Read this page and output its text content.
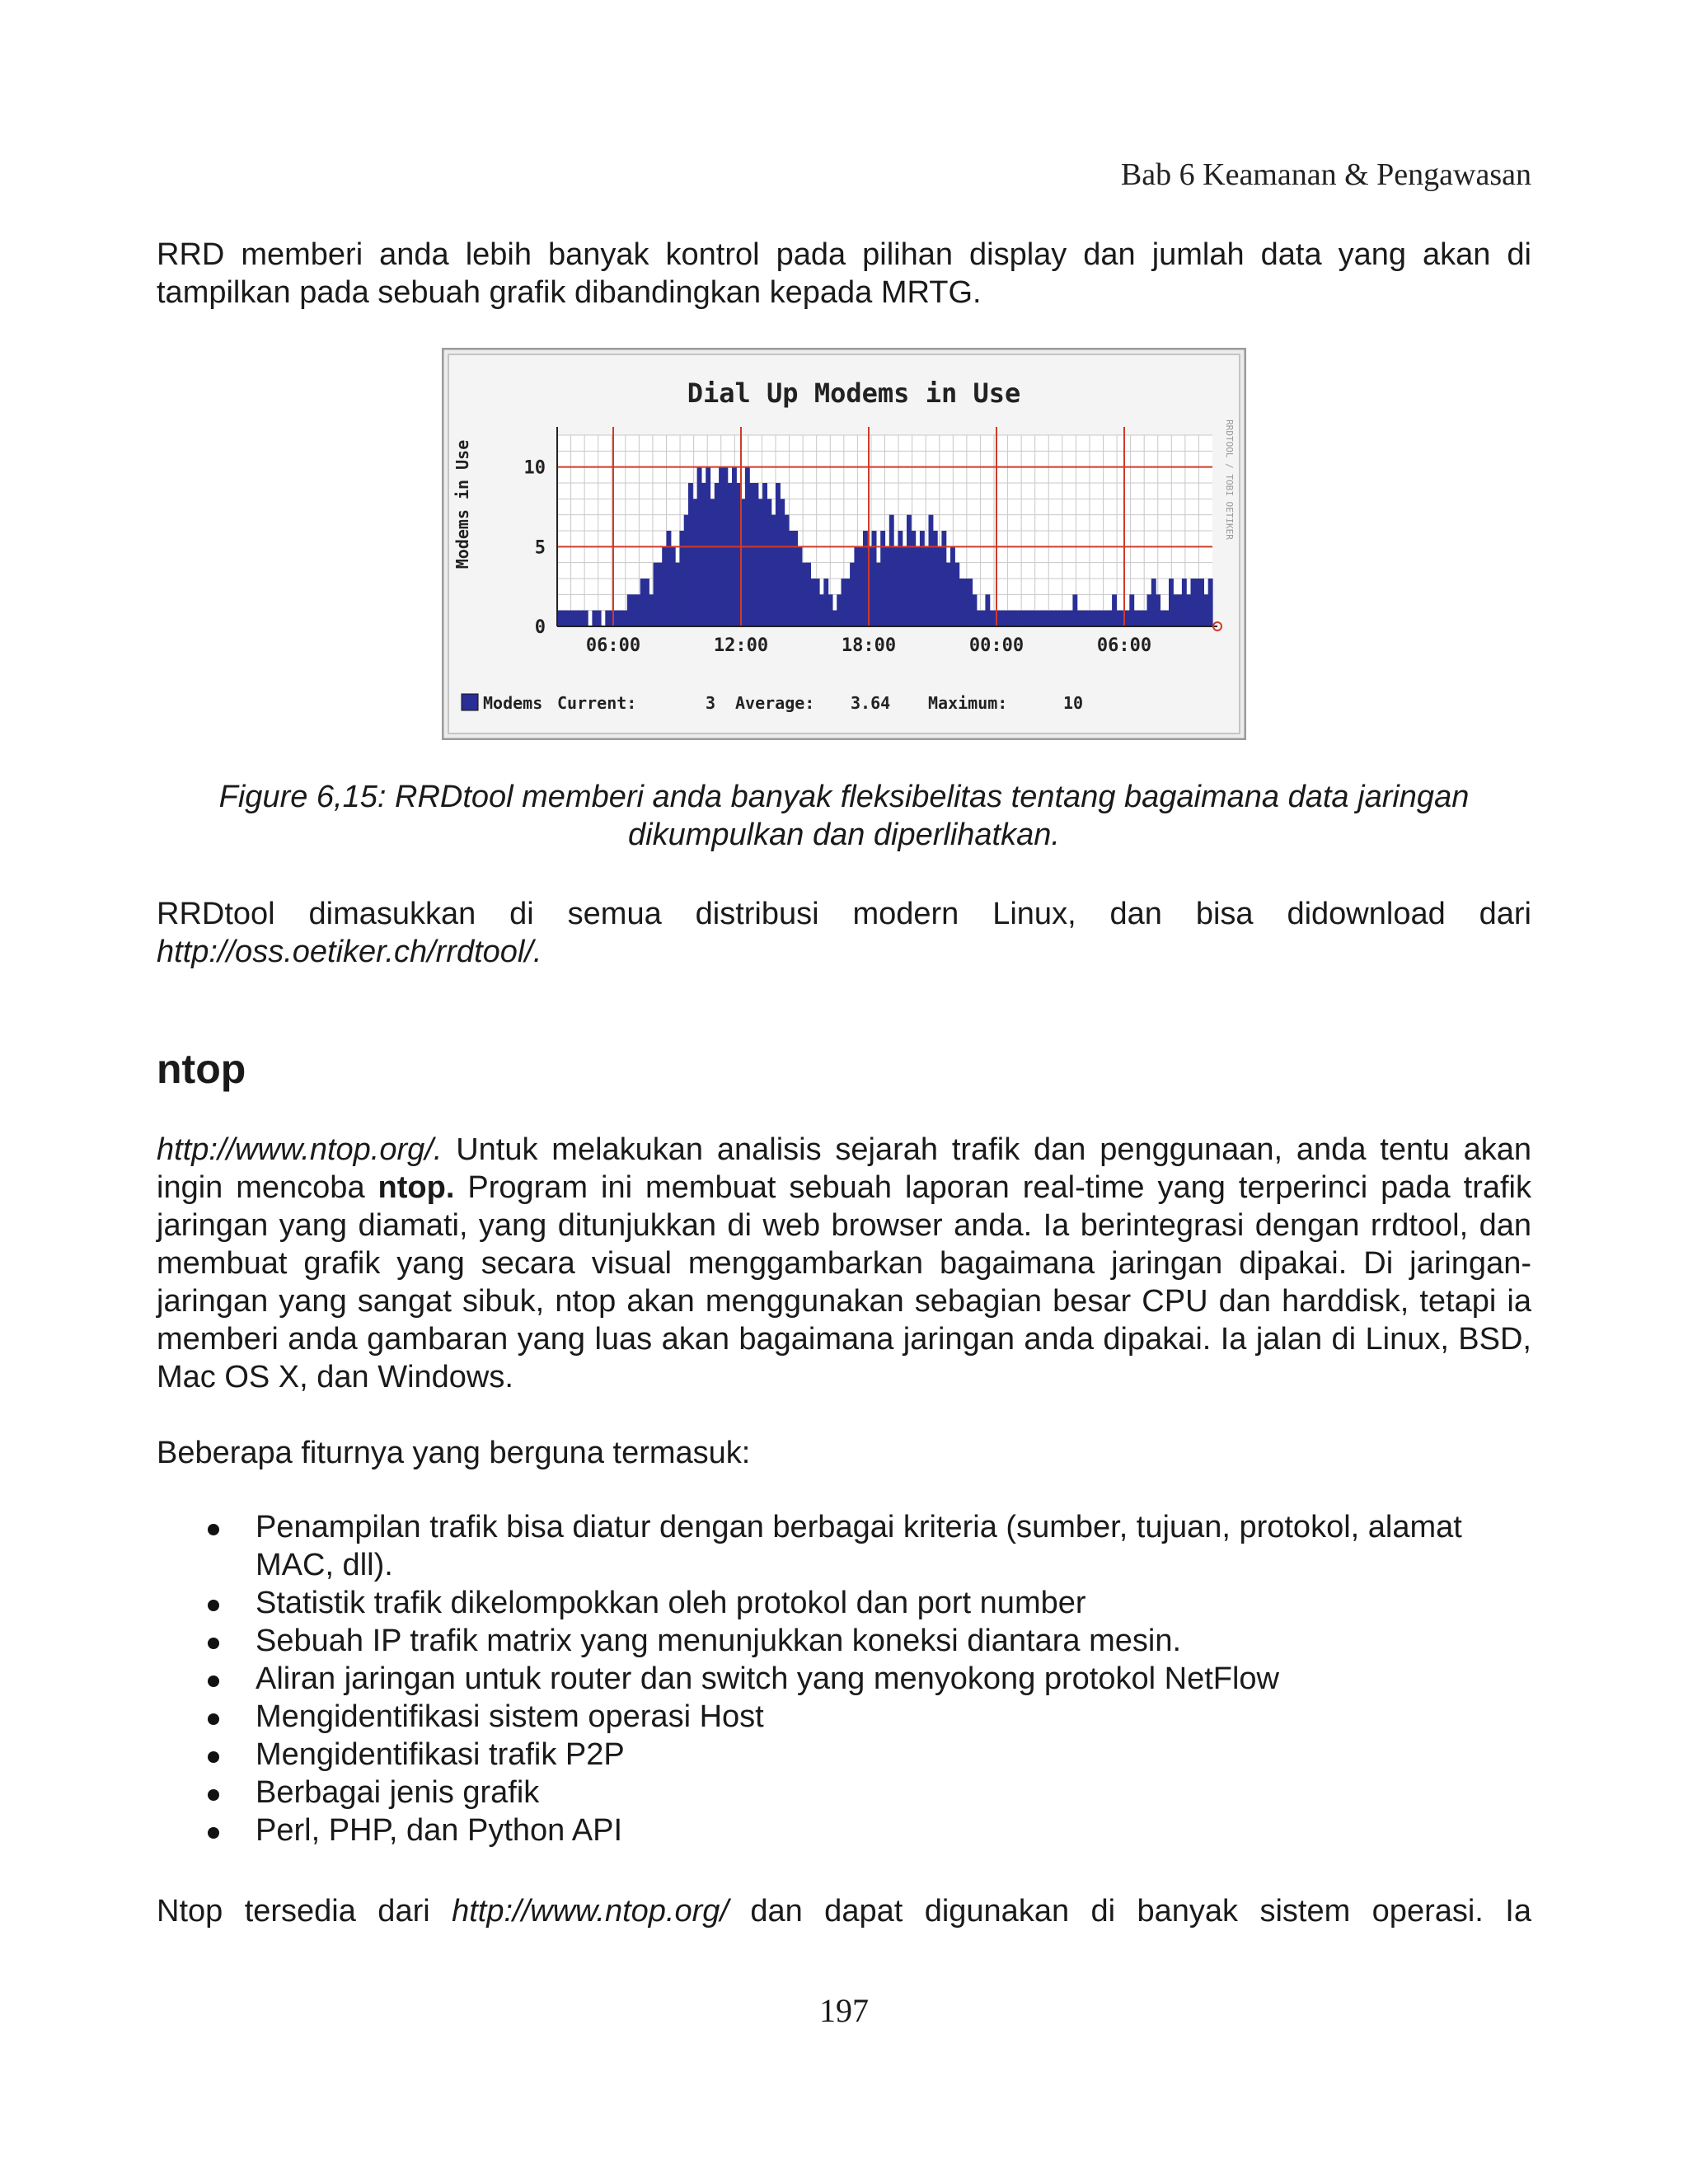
Bab 6 Keamanan & Pengawasan

RRD memberi anda lebih banyak kontrol pada pilihan display dan jumlah data yang akan di tampilkan pada sebuah grafik dibandingkan kepada MRTG.

Dial Up Modems in Use
Modems in Use	RRDTOOL / TOBI OETIKER
0
5
10
06:00	12:00	18:00	00:00	06:00
Modems Current:	3 Average: 3.64 Maximum:	10
Figure 6,15: RRDtool memberi anda banyak fleksibelitas tentang bagaimana data jaringan
dikumpulkan dan diperlihatkan.
RRDtool dimasukkan di semua distribusi modern Linux, dan bisa didownload dari
http://oss.oetiker.ch/rrdtool/.
ntop

http://www.ntop.org/. Untuk melakukan analisis sejarah trafik dan penggunaan, anda tentu akan ingin mencoba ntop. Program ini membuat sebuah laporan real-time yang terperinci pada trafik jaringan yang diamati, yang ditunjukkan di web browser anda. Ia berintegrasi dengan rrdtool, dan membuat grafik yang secara visual menggambarkan bagaimana jaringan dipakai. Di jaringan-jaringan yang sangat sibuk, ntop akan menggunakan sebagian besar CPU dan harddisk, tetapi ia memberi anda gambaran yang luas akan bagaimana jaringan anda dipakai. Ia jalan di Linux, BSD, Mac OS X, dan Windows.

Beberapa fiturnya yang berguna termasuk:
Penampilan trafik bisa diatur dengan berbagai kriteria (sumber, tujuan, protokol, alamat MAC, dll).
Statistik trafik dikelompokkan oleh protokol dan port number
Sebuah IP trafik matrix yang menunjukkan koneksi diantara mesin.
Aliran jaringan untuk router dan switch yang menyokong protokol NetFlow
Mengidentifikasi sistem operasi Host
Mengidentifikasi trafik P2P
Berbagai jenis grafik
Perl, PHP, dan Python API
Ntop tersedia dari http://www.ntop.org/ dan dapat digunakan di banyak sistem operasi. Ia
197
